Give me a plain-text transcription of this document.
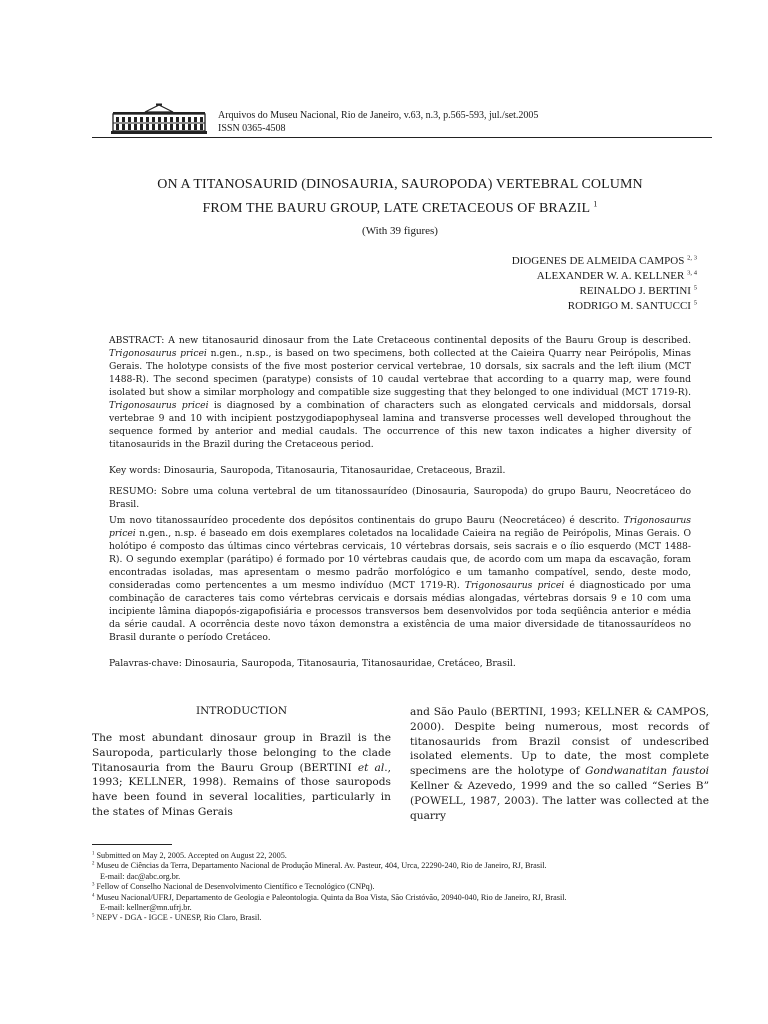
Arquivos do Museu Nacional, Rio de Janeiro, v.63, n.3, p.565-593, jul./set.2005
ISSN 0365-4508
ON A TITANOSAURID (DINOSAURIA, SAUROPODA) VERTEBRAL COLUMN
FROM THE BAURU GROUP, LATE CRETACEOUS OF BRAZIL $^1$
(With 39 figures)
DIOGENES DE ALMEIDA CAMPOS $^{2, 3}$
ALEXANDER W. A. KELLNER $^{3, 4}$
REINALDO J. BERTINI $^5$
RODRIGO M. SANTUCCI $^5$

ABSTRACT: A new titanosaurid dinosaur from the Late Cretaceous continental deposits of the Bauru Group is described. Trigonosaurus pricei n.gen., n.sp., is based on two specimens, both collected at the Caieira Quarry near Peirópolis, Minas Gerais. The holotype consists of the five most posterior cervical vertebrae, 10 dorsals, six sacrals and the left ilium (MCT 1488-R). The second specimen (paratype) consists of 10 caudal vertebrae that according to a quarry map, were found isolated but show a similar morphology and compatible size suggesting that they belonged to one individual (MCT 1719-R). Trigonosaurus pricei is diagnosed by a combination of characters such as elongated cervicals and middorsals, dorsal vertebrae 9 and 10 with incipient postzygodiapophyseal lamina and transverse processes well developed throughout the sequence formed by anterior and medial caudals. The occurrence of this new taxon indicates a higher diversity of titanosaurids in the Brazil during the Cretaceous period.

Key words: Dinosauria, Sauropoda, Titanosauria, Titanosauridae, Cretaceous, Brazil.

RESUMO: Sobre uma coluna vertebral de um titanossaurídeo (Dinosauria, Sauropoda) do grupo Bauru, Neocretáceo do Brasil.

Um novo titanossaurídeo procedente dos depósitos continentais do grupo Bauru (Neocretáceo) é descrito. Trigonosaurus pricei n.gen., n.sp. é baseado em dois exemplares coletados na localidade Caieira na região de Peirópolis, Minas Gerais. O holótipo é composto das últimas cinco vértebras cervicais, 10 vértebras dorsais, seis sacrais e o ílio esquerdo (MCT 1488-R). O segundo exemplar (parátipo) é formado por 10 vértebras caudais que, de acordo com um mapa da escavação, foram encontradas isoladas, mas apresentam o mesmo padrão morfológico e um tamanho compatível, sendo, deste modo, consideradas como pertencentes a um mesmo indivíduo (MCT 1719-R). Trigonosaurus pricei é diagnosticado por uma combinação de caracteres tais como vértebras cervicais e dorsais médias alongadas, vértebras dorsais 9 e 10 com uma incipiente lâmina diapopós-zigapofisiária e processos transversos bem desenvolvidos por toda seqüência anterior e média da série caudal. A ocorrência deste novo táxon demonstra a existência de uma maior diversidade de titanossaurídeos no Brasil durante o período Cretáceo.

Palavras-chave: Dinosauria, Sauropoda, Titanosauria, Titanosauridae, Cretáceo, Brasil.
INTRODUCTION

The most abundant dinosaur group in Brazil is the Sauropoda, particularly those belonging to the clade Titanosauria from the Bauru Group (BERTINI et al., 1993; KELLNER, 1998). Remains of those sauropods have been found in several localities, particularly in the states of Minas Gerais

and São Paulo (BERTINI, 1993; KELLNER & CAMPOS, 2000). Despite being numerous, most records of titanosaurids from Brazil consist of undescribed isolated elements. Up to date, the most complete specimens are the holotype of Gondwanatitan faustoi Kellner & Azevedo, 1999 and the so called “Series B” (POWELL, 1987, 2003). The latter was collected at the quarry

$^1$ Submitted on May 2, 2005. Accepted on August 22, 2005.
$^2$ Museu de Ciências da Terra, Departamento Nacional de Produção Mineral. Av. Pasteur, 404, Urca, 22290-240, Rio de Janeiro, RJ, Brasil.
E-mail: dac@abc.org.br.
$^3$ Fellow of Conselho Nacional de Desenvolvimento Científico e Tecnológico (CNPq).
$^4$ Museu Nacional/UFRJ, Departamento de Geologia e Paleontologia. Quinta da Boa Vista, São Cristóvão, 20940-040, Rio de Janeiro, RJ, Brasil.
E-mail: kellner@mn.ufrj.br.
$^5$ NEPV - DGA - IGCE - UNESP, Rio Claro, Brasil.
